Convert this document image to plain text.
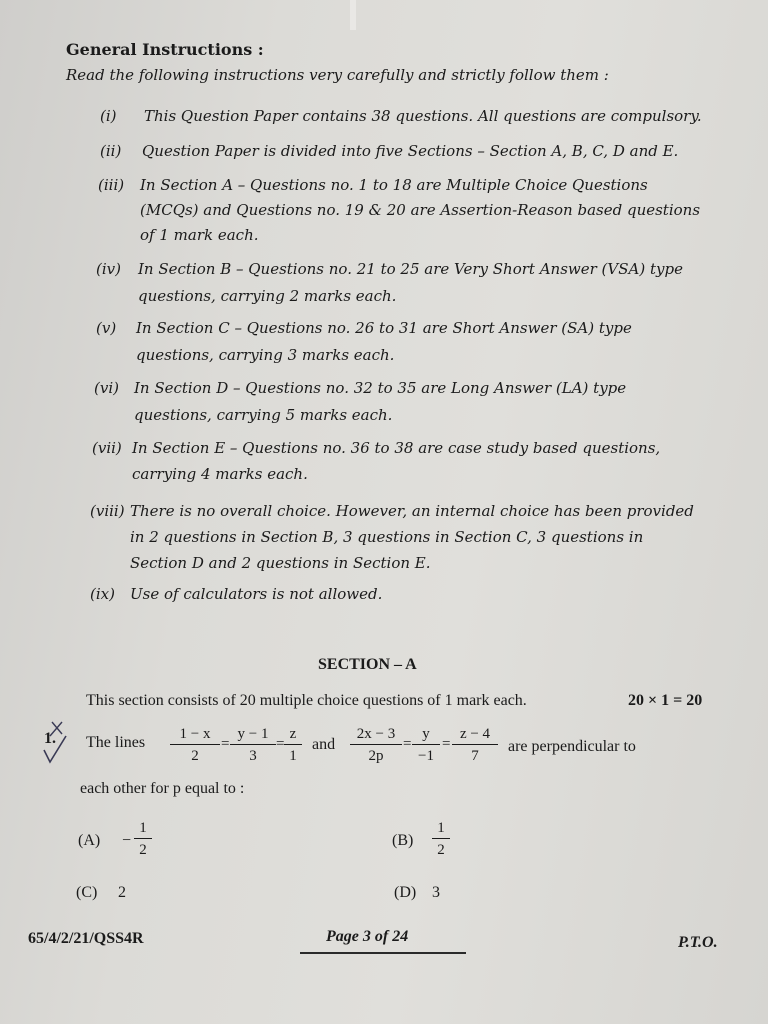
General Instructions :
Read the following instructions very carefully and strictly follow them :
(i) This Question Paper contains 38 questions. All questions are compulsory.
(ii) Question Paper is divided into five Sections – Section A, B, C, D and E.
(iii) In Section A – Questions no. 1 to 18 are Multiple Choice Questions
(MCQs) and Questions no. 19 & 20 are Assertion-Reason based questions
of 1 mark each.
(iv) In Section B – Questions no. 21 to 25 are Very Short Answer (VSA) type
questions, carrying 2 marks each.
(v) In Section C – Questions no. 26 to 31 are Short Answer (SA) type
questions, carrying 3 marks each.
(vi) In Section D – Questions no. 32 to 35 are Long Answer (LA) type
questions, carrying 5 marks each.
(vii) In Section E – Questions no. 36 to 38 are case study based questions,
carrying 4 marks each.
(viii) There is no overall choice. However, an internal choice has been provided
in 2 questions in Section B, 3 questions in Section C, 3 questions in
Section D and 2 questions in Section E.
(ix) Use of calculators is not allowed.
SECTION – A
This section consists of 20 multiple choice questions of 1 mark each.	20 × 1 = 20
1. The lines $\frac{1 - x}{2} = \frac{y - 1}{3} = \frac{z}{1}$ and $\frac{2x - 3}{2p} = \frac{y}{-1} = \frac{z - 4}{7}$ are perpendicular to
each other for p equal to :
$(A) - \frac{1}{2}$	$(B) \frac{1}{2}$
(C) 2	(D) 3
65/4/2/21/QSS4R	Page 3 of 24	P.T.O.
